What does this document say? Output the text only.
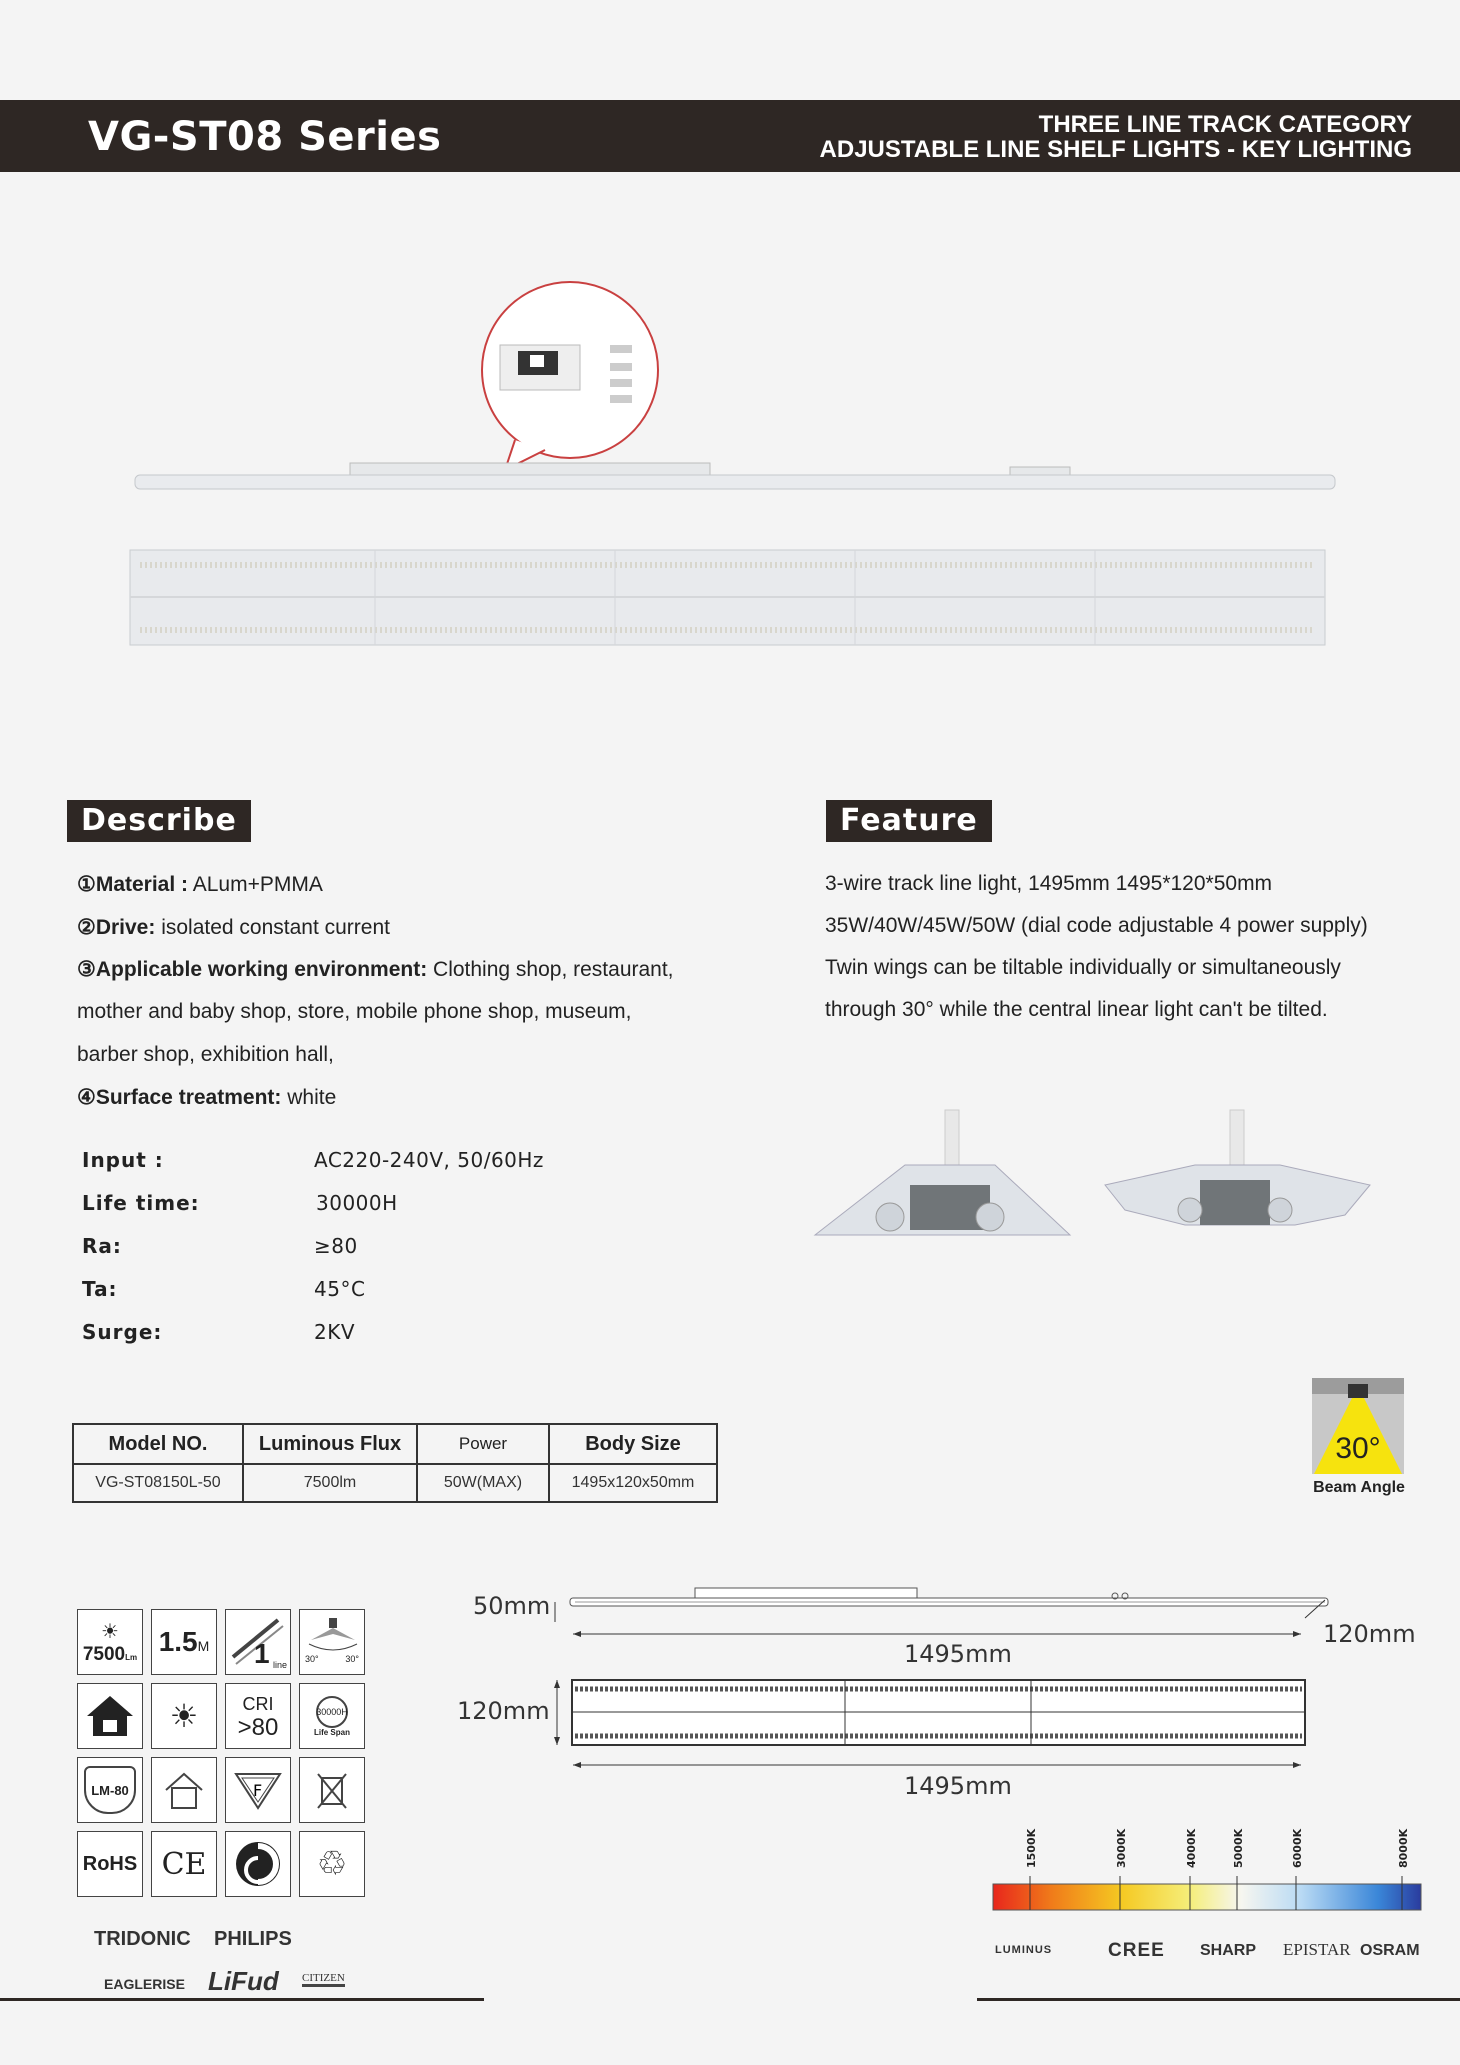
VG-ST08 Series	THREE LINE TRACK CATEGORY
ADJUSTABLE LINE SHELF LIGHTS - KEY LIGHTING
Describe
①Material : ALum+PMMA
②Drive: isolated constant current
③Applicable working environment: Clothing shop, restaurant,
mother and baby shop, store, mobile phone shop, museum,
barber shop, exhibition hall,
④Surface treatment: white
Input :	AC220-240V, 50/60Hz
Life time:	30000H
Ra:	≥80
Ta:	45°C
Surge:	2KV
Feature
3-wire track line light, 1495mm 1495*120*50mm
35W/40W/45W/50W (dial code adjustable 4 power supply)
Twin wings can be tiltable individually or simultaneously
through 30° while the central linear light can't be tilted.
30°
Beam Angle
Model NO.	Luminous Flux	Power	Body Size
VG-ST08150L-50	7500lm	50W(MAX)	1495x120x50mm
☀
7500Lm 1.5 M 1 line
30°	30°
☀ CRI
>80
30000H
Life Span
LM-80	F
RoHS CE	♲
50mm
120mm
1495mm
120mm
1495mm
1500K	3000K	4000K	5000K	6000K	8000K
TRIDONIC PHILIPS
EAGLERISE LiFud CITIZEN
LUMINUS	CREE SHARP EPISTAR OSRAM
